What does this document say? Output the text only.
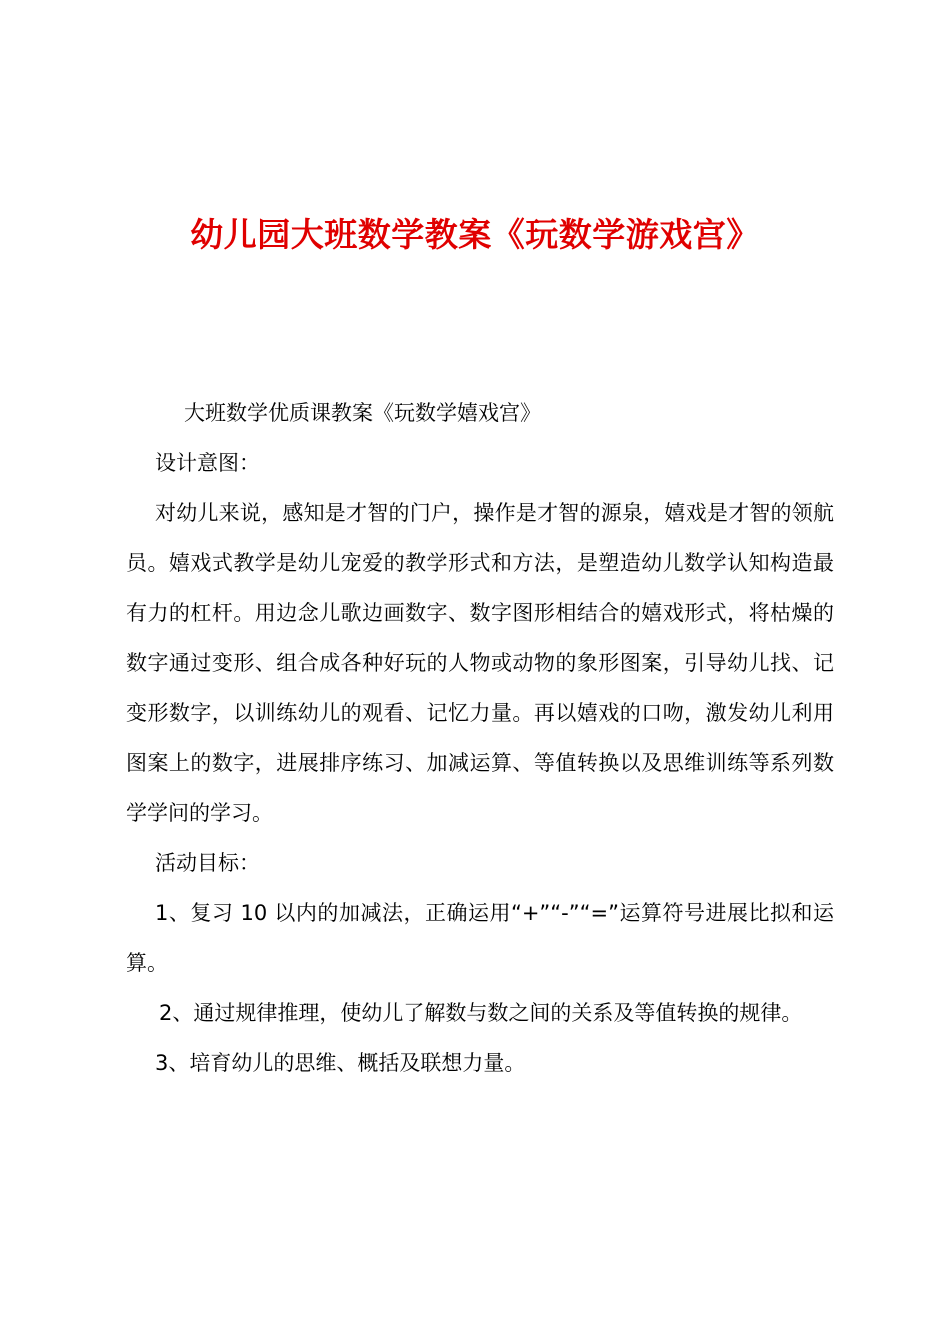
幼儿园大班数学教案《玩数学游戏宫》

大班数学优质课教案《玩数学嬉戏宫》

设计意图：

对幼儿来说，感知是才智的门户，操作是才智的源泉，嬉戏是才智的领航员。嬉戏式教学是幼儿宠爱的教学形式和方法，是塑造幼儿数学认知构造最有力的杠杆。用边念儿歌边画数字、数字图形相结合的嬉戏形式，将枯燥的数字通过变形、组合成各种好玩的人物或动物的象形图案，引导幼儿找、记变形数字，以训练幼儿的观看、记忆力量。再以嬉戏的口吻，激发幼儿利用图案上的数字，进展排序练习、加减运算、等值转换以及思维训练等系列数学学问的学习。

活动目标：

1、复习 10 以内的加减法，正确运用“+”“-”“=”运算符号进展比拟和运算。

2、通过规律推理，使幼儿了解数与数之间的关系及等值转换的规律。

3、培育幼儿的思维、概括及联想力量。
